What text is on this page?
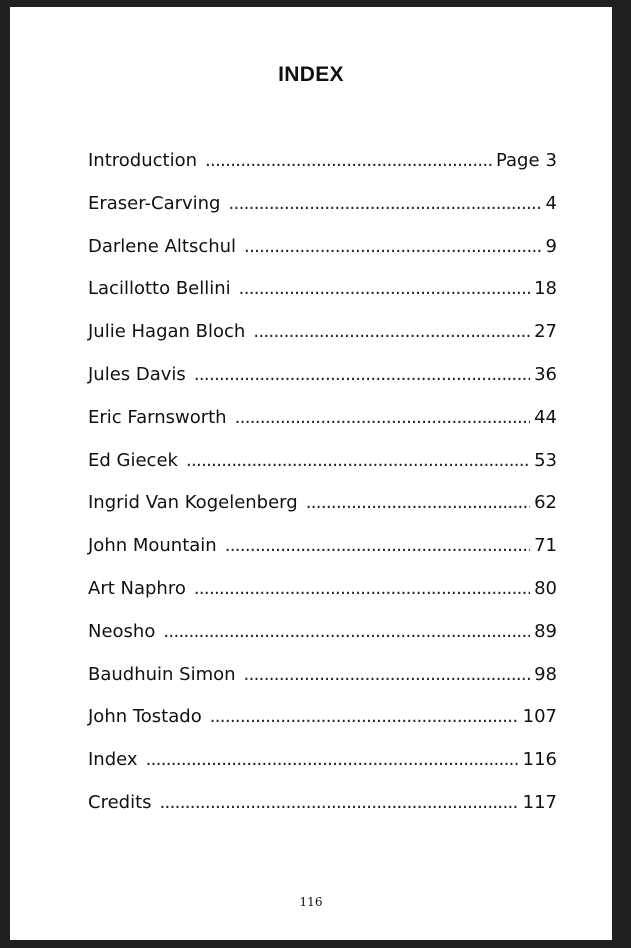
INDEX
Introduction . . .	Page 3
Eraser-Carving . . .	4
Darlene Altschul . . .	9
Lacillotto Bellini . . .	18
Julie Hagan Bloch . . .	27
Jules Davis . . .	36
Eric Farnsworth . . .	44
Ed Giecek . . .	53
Ingrid Van Kogelenberg . . .	62
John Mountain . . .	71
Art Naphro . . .	80
Neosho . . .	89
Baudhuin Simon . . .	98
John Tostado . . .	107
Index . . .	116
Credits . . .	117
116
